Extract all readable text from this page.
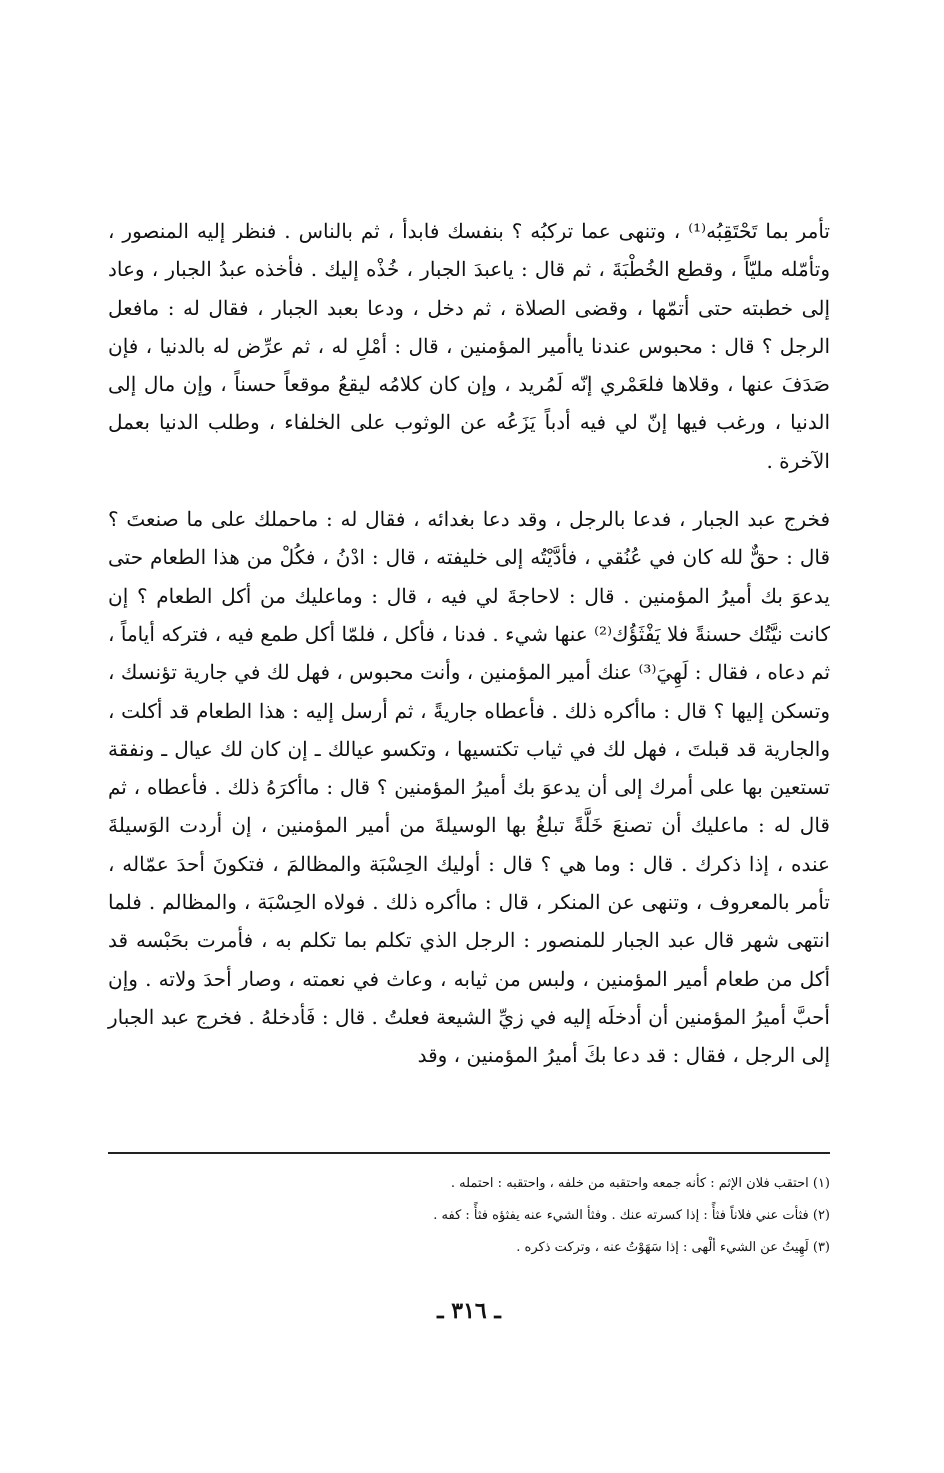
تأمر بما تَحْتَقِبُه⁽¹⁾ ، وتنهى عما تركبُه ؟ بنفسك فابدأ ، ثم بالناس . فنظر إليه المنصور ، وتأمّله مليّاً ، وقطع الخُطْبَةَ ، ثم قال : ياعبدَ الجبار ، خُذْه إليك . فأخذه عبدُ الجبار ، وعاد إلى خطبته حتى أتمّها ، وقضى الصلاة ، ثم دخل ، ودعا بعبد الجبار ، فقال له : مافعل الرجل ؟ قال : محبوس عندنا ياأمير المؤمنين ، قال : أمْلِ له ، ثم عرِّض له بالدنيا ، فإن صَدَفَ عنها ، وقلاها فلعَمْري إنّه لَمُريد ، وإن كان كلامُه ليقعُ موقعاً حسناً ، وإن مال إلى الدنيا ، ورغب فيها إنّ لي فيه أدباً يَزَعُه عن الوثوب على الخلفاء ، وطلب الدنيا بعمل الآخرة .

فخرج عبد الجبار ، فدعا بالرجل ، وقد دعا بغدائه ، فقال له : ماحملك على ما صنعتَ ؟ قال : حقٌّ لله كان في عُنُقي ، فأدَّيْتُه إلى خليفته ، قال : ادْنُ ، فكُلْ من هذا الطعام حتى يدعوَ بك أميرُ المؤمنين . قال : لاحاجةَ لي فيه ، قال : وماعليك من أكل الطعام ؟ إن كانت نيَّتُك حسنةً فلا يَفْثَؤُك⁽²⁾ عنها شيء . فدنا ، فأكل ، فلمّا أكل طمع فيه ، فتركه أياماً ، ثم دعاه ، فقال : لَهِيَ⁽³⁾ عنك أمير المؤمنين ، وأنت محبوس ، فهل لك في جارية تؤنسك ، وتسكن إليها ؟ قال : ماأكره ذلك . فأعطاه جاريةً ، ثم أرسل إليه : هذا الطعام قد أكلت ، والجارية قد قبلتَ ، فهل لك في ثياب تكتسيها ، وتكسو عيالك ـ إن كان لك عيال ـ ونفقة تستعين بها على أمرك إلى أن يدعوَ بك أميرُ المؤمنين ؟ قال : ماأكرَهُ ذلك . فأعطاه ، ثم قال له : ماعليك أن تصنعَ خَلَّةً تبلغُ بها الوسيلةَ من أمير المؤمنين ، إن أردت الوَسيلةَ عنده ، إذا ذكرك . قال : وما هي ؟ قال : أوليك الحِسْبَة والمظالمَ ، فتكونَ أحدَ عمّاله ، تأمر بالمعروف ، وتنهى عن المنكر ، قال : ماأكره ذلك . فولاه الحِسْبَة ، والمظالم . فلما انتهى شهر قال عبد الجبار للمنصور : الرجل الذي تكلم بما تكلم به ، فأمرت بحَبْسه قد أكل من طعام أمير المؤمنين ، ولبس من ثيابه ، وعاث في نعمته ، وصار أحدَ ولاته . وإن أحبَّ أميرُ المؤمنين أن أدخلَه إليه في زيِّ الشيعة فعلتُ . قال : فَأدخلهُ . فخرج عبد الجبار إلى الرجل ، فقال : قد دعا بكَ أميرُ المؤمنين ، وقد

(١) احتقب فلان الإثم : كأنه جمعه واحتقبه من خلفه ، واحتقبه : احتمله .
(٢) فثأت عني فلاناً فثأً : إذا كسرته عنك . وفثأ الشيء عنه يفثؤه فثأً : كفه .
(٣) لَهِيتُ عن الشيء ألْهى : إذا سَهَوْتُ عنه ، وتركت ذكره .
ـ ٣١٦ ـ
